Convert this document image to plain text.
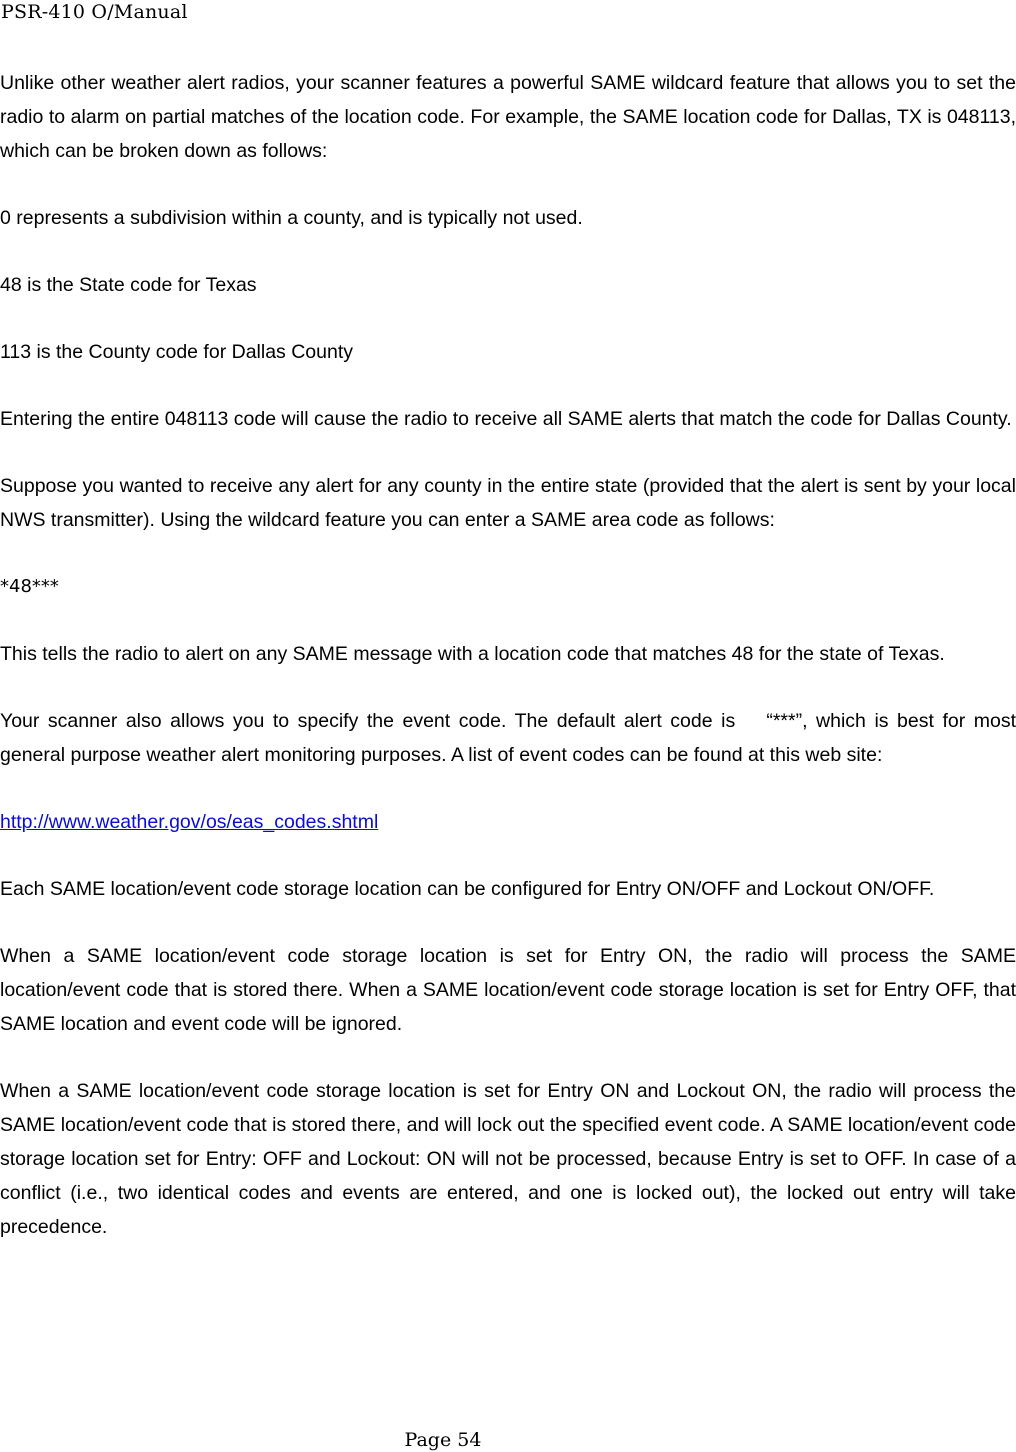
PSR-410 O/Manual

Unlike other weather alert radios, your scanner features a powerful SAME wildcard feature that allows you to set the radio to alarm on partial matches of the location code. For example, the SAME location code for Dallas, TX is 048113, which can be broken down as follows:

0 represents a subdivision within a county, and is typically not used.

48 is the State code for Texas

113 is the County code for Dallas County

Entering the entire 048113 code will cause the radio to receive all SAME alerts that match the code for Dallas County.

Suppose you wanted to receive any alert for any county in the entire state (provided that the alert is sent by your local NWS transmitter). Using the wildcard feature you can enter a SAME area code as follows:

*48***

This tells the radio to alert on any SAME message with a location code that matches 48 for the state of Texas.

Your scanner also allows you to specify the event code. The default alert code is 　“***”, which is best for most general purpose weather alert monitoring purposes. A list of event codes can be found at this web site:

http://www.weather.gov/os/eas_codes.shtml

Each SAME location/event code storage location can be configured for Entry ON/OFF and Lockout ON/OFF.

When a SAME location/event code storage location is set for Entry ON, the radio will process the SAME location/event code that is stored there. When a SAME location/event code storage location is set for Entry OFF, that SAME location and event code will be ignored.

When a SAME location/event code storage location is set for Entry ON and Lockout ON, the radio will process the SAME location/event code that is stored there, and will lock out the specified event code. A SAME location/event code storage location set for Entry: OFF and Lockout: ON will not be processed, because Entry is set to OFF. In case of a conflict (i.e., two identical codes and events are entered, and one is locked out), the locked out entry will take precedence.

Page 54
